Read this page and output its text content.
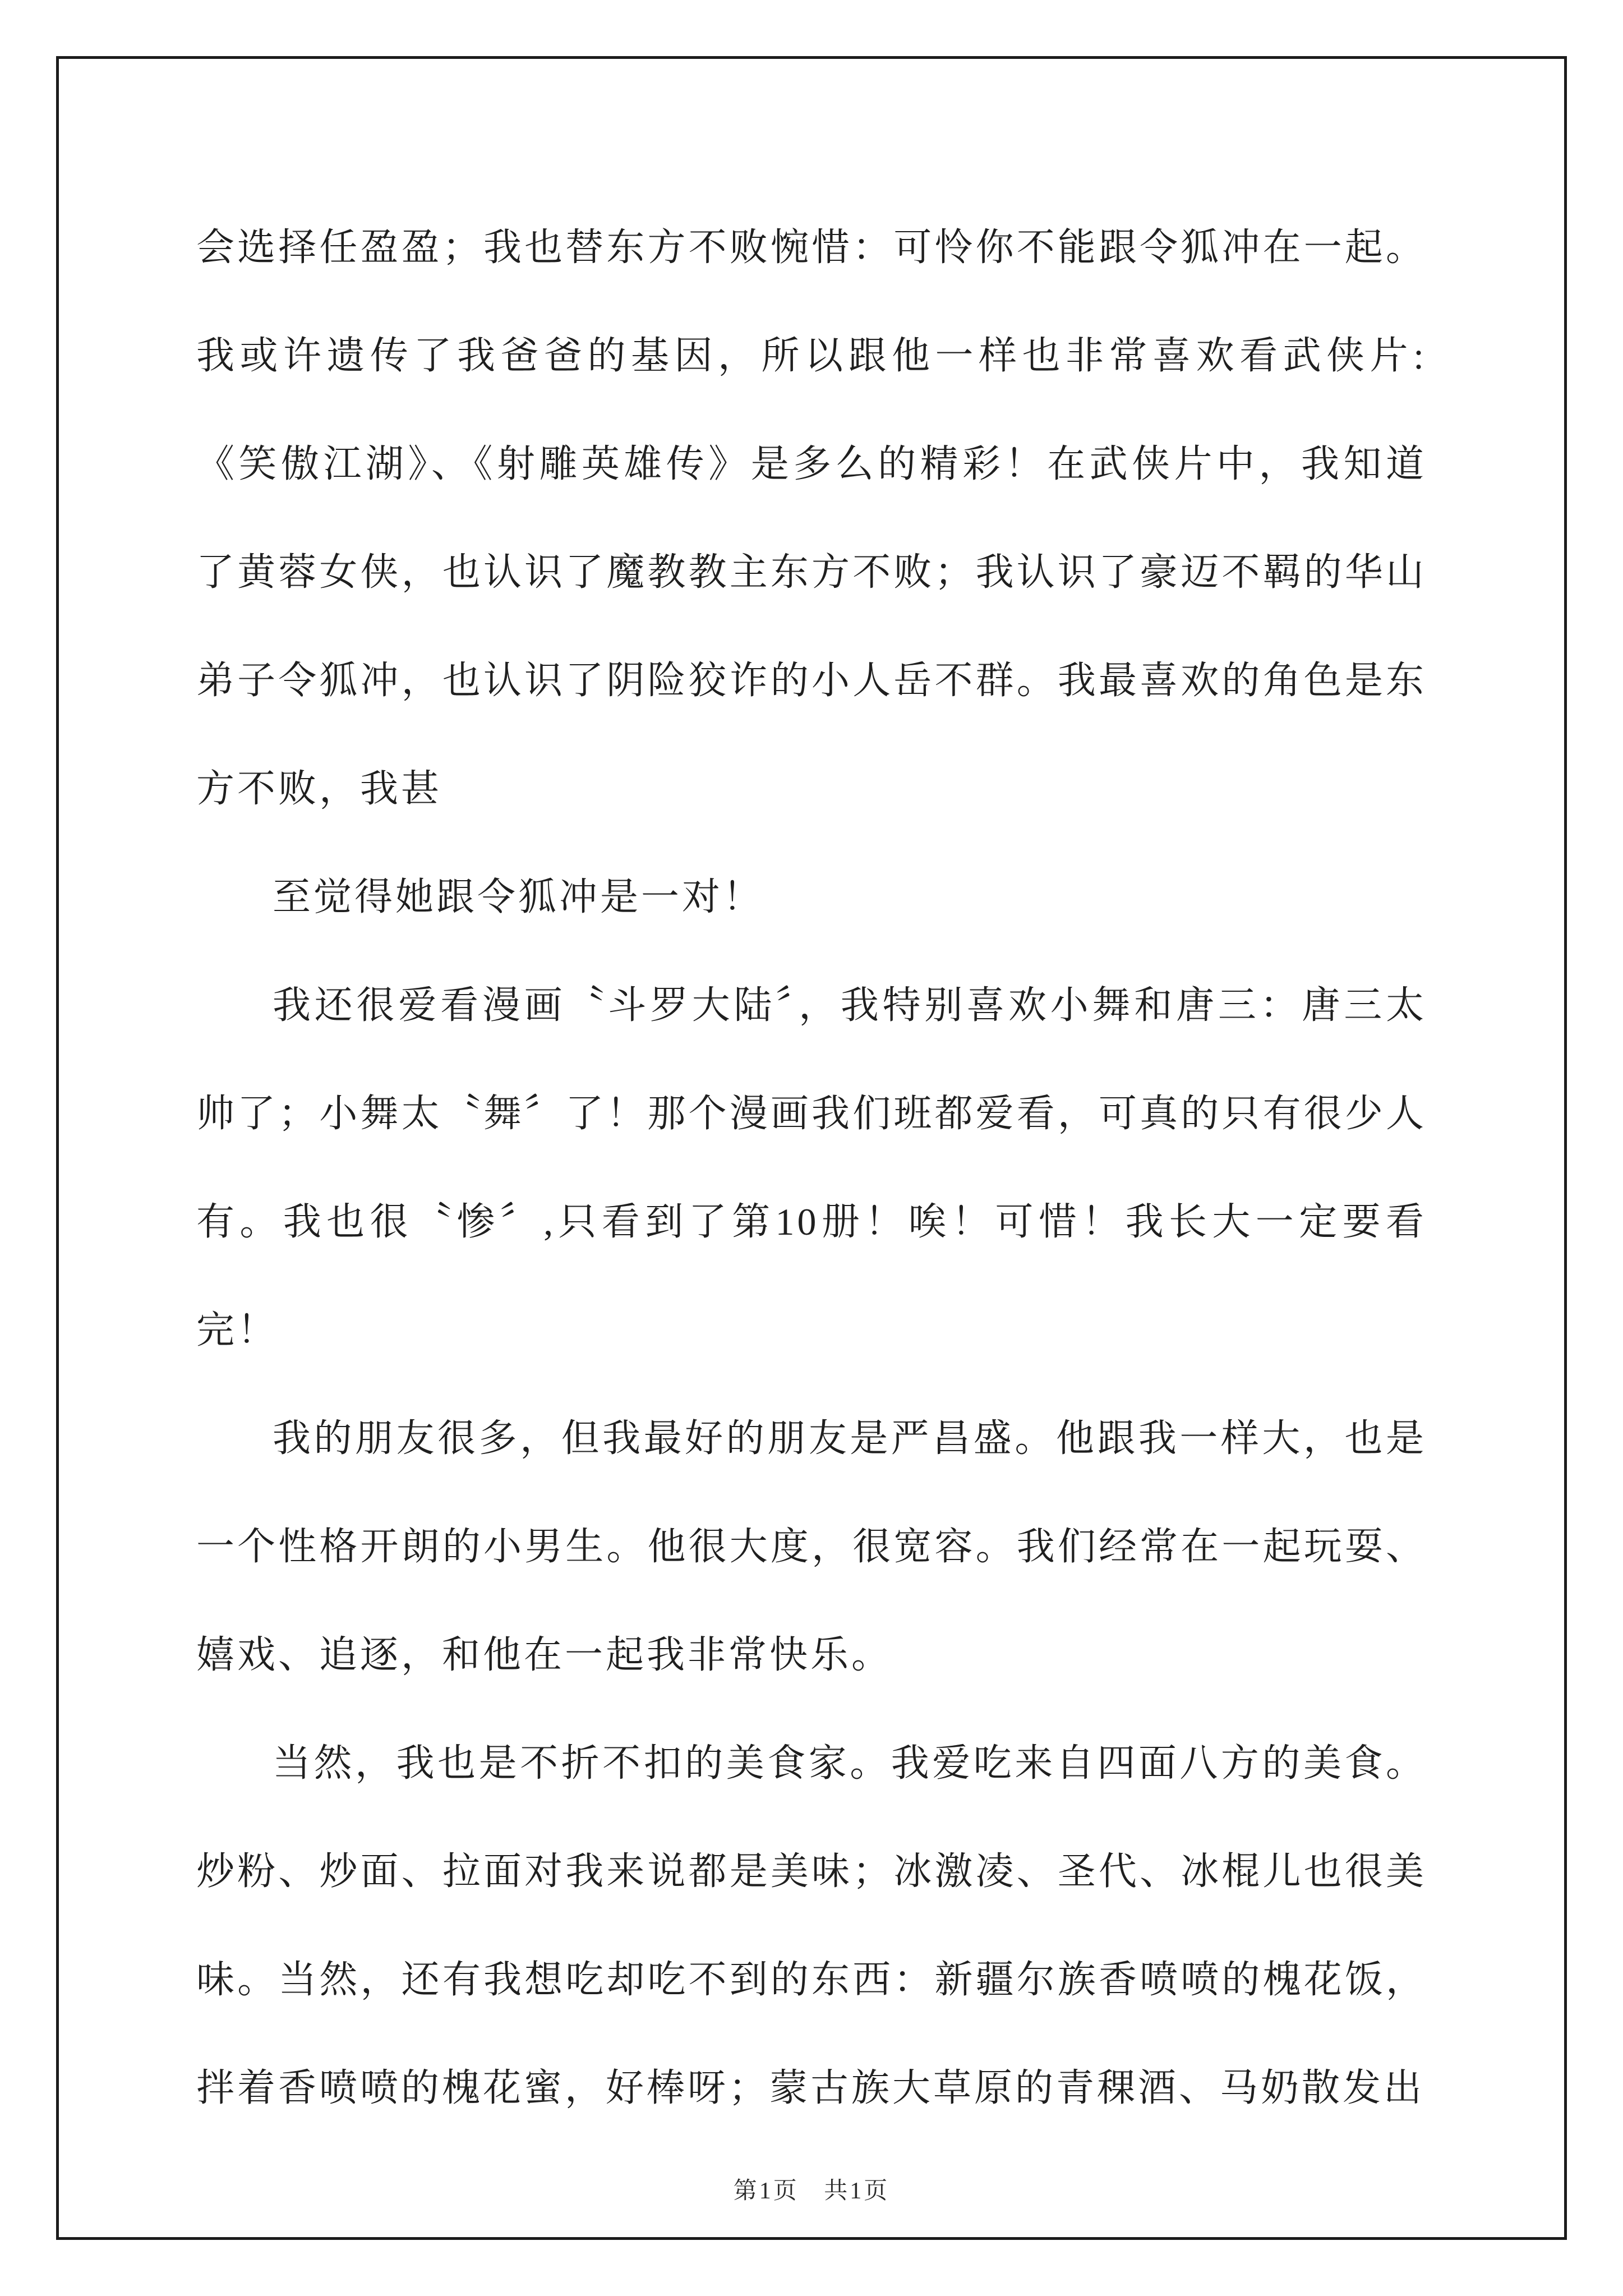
会选择任盈盈；我也替东方不败惋惜：可怜你不能跟令狐冲在一起。我或许遗传了我爸爸的基因，所以跟他一样也非常喜欢看武侠片:《笑傲江湖》、《射雕英雄传》是多么的精彩！在武侠片中，我知道了黄蓉女侠，也认识了魔教教主东方不败；我认识了豪迈不羁的华山弟子令狐冲，也认识了阴险狡诈的小人岳不群。我最喜欢的角色是东方不败，我甚

至觉得她跟令狐冲是一对！

我还很爱看漫画〝斗罗大陆〞，我特别喜欢小舞和唐三：唐三太帅了；小舞太〝舞〞了！那个漫画我们班都爱看，可真的只有很少人有。我也很〝惨〞,只看到了第10册！唉！可惜！我长大一定要看完！

我的朋友很多，但我最好的朋友是严昌盛。他跟我一样大，也是一个性格开朗的小男生。他很大度，很宽容。我们经常在一起玩耍、嬉戏、追逐，和他在一起我非常快乐。

当然，我也是不折不扣的美食家。我爱吃来自四面八方的美食。炒粉、炒面、拉面对我来说都是美味；冰激凌、圣代、冰棍儿也很美味。当然，还有我想吃却吃不到的东西：新疆尔族香喷喷的槐花饭，拌着香喷喷的槐花蜜，好棒呀；蒙古族大草原的青稞酒、马奶散发出

第1页 共1页
